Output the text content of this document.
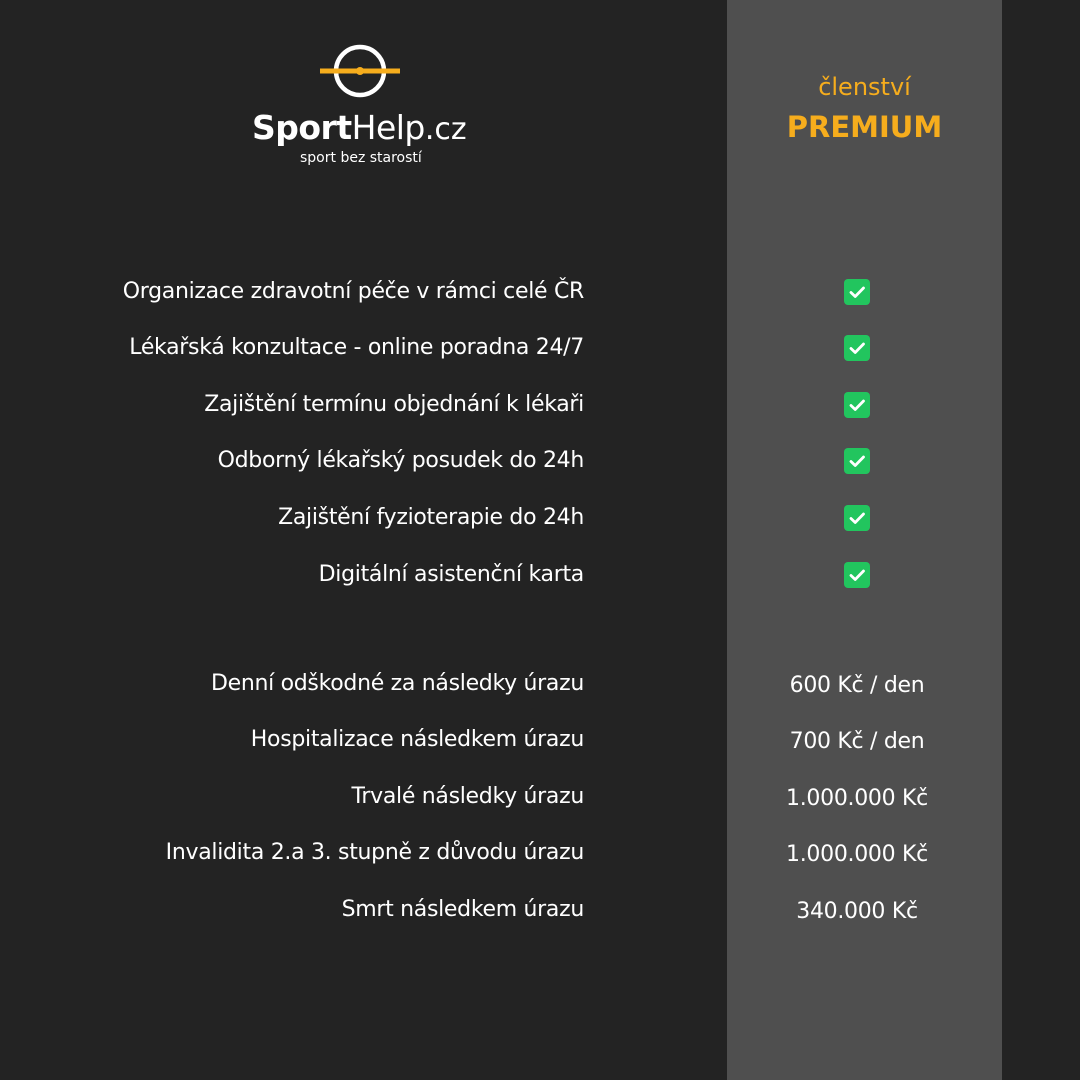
SportHelp.cz
sport bez starostí
členství
PREMIUM
Organizace zdravotní péče v rámci celé ČR
Lékařská konzultace - online poradna 24/7
Zajištění termínu objednání k lékaři
Odborný lékařský posudek do 24h
Zajištění fyzioterapie do 24h
Digitální asistenční karta
Denní odškodné za následky úrazu	600 Kč / den
Hospitalizace následkem úrazu	700 Kč / den
Trvalé následky úrazu	1.000.000 Kč
Invalidita 2.a 3. stupně z důvodu úrazu	1.000.000 Kč
Smrt následkem úrazu	340.000 Kč
